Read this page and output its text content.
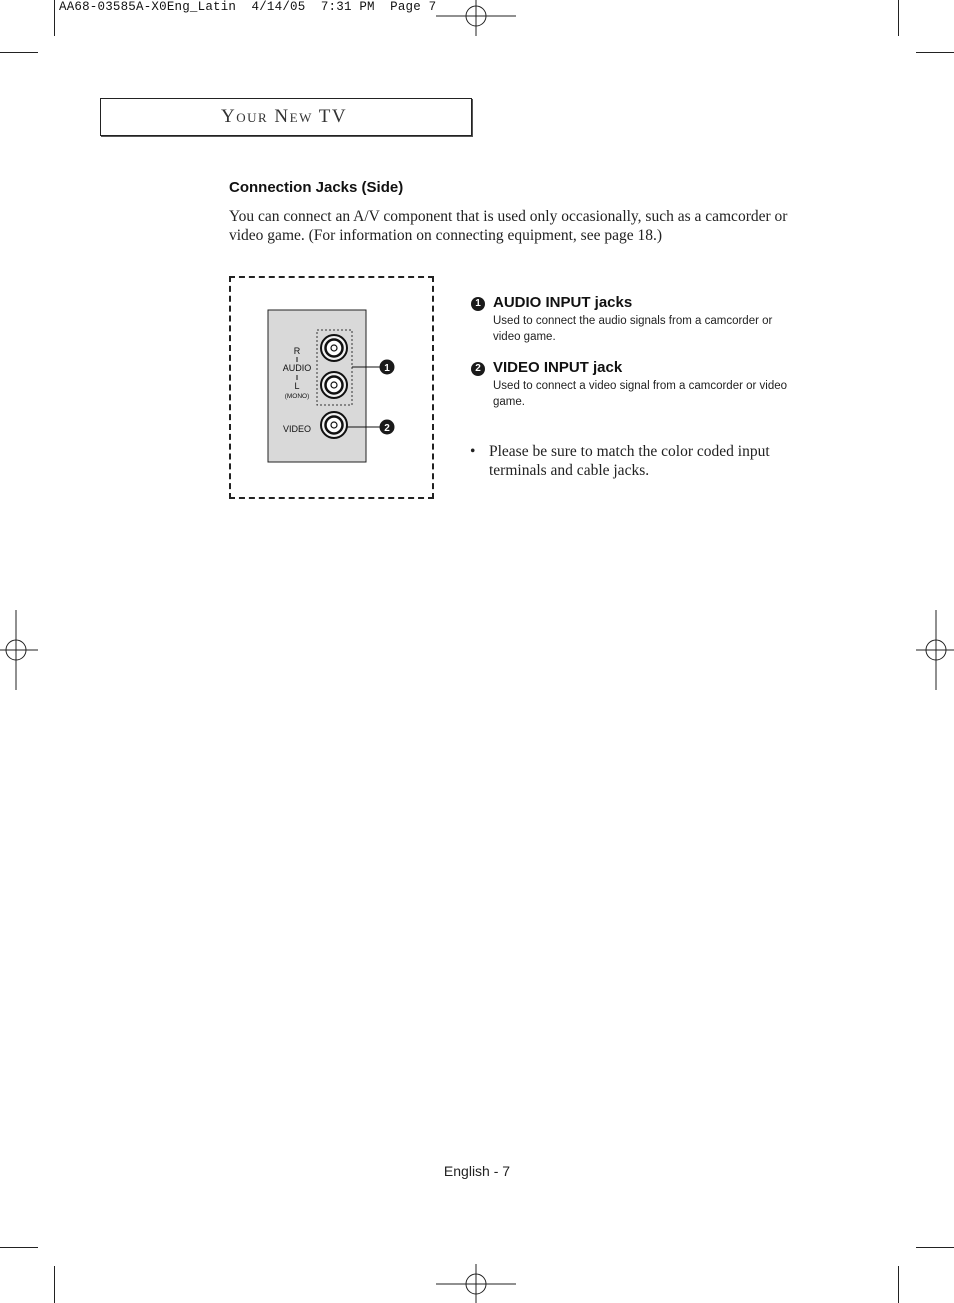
AA68-03585A-X0Eng_Latin  4/14/05  7:31 PM  Page 7
Your New TV
Connection Jacks (Side)
You can connect an A/V component that is used only occasionally, such as a camcorder or video game. (For information on connecting equipment, see page 18.)
R
AUDIO
L
(MONO)
VIDEO
1
2
1 AUDIO INPUT jacks
Used to connect the audio signals from a camcorder or video game.
2 VIDEO INPUT jack
Used to connect a video signal from a camcorder or video game.
• Please be sure to match the color coded input terminals and cable jacks.
English - 7
